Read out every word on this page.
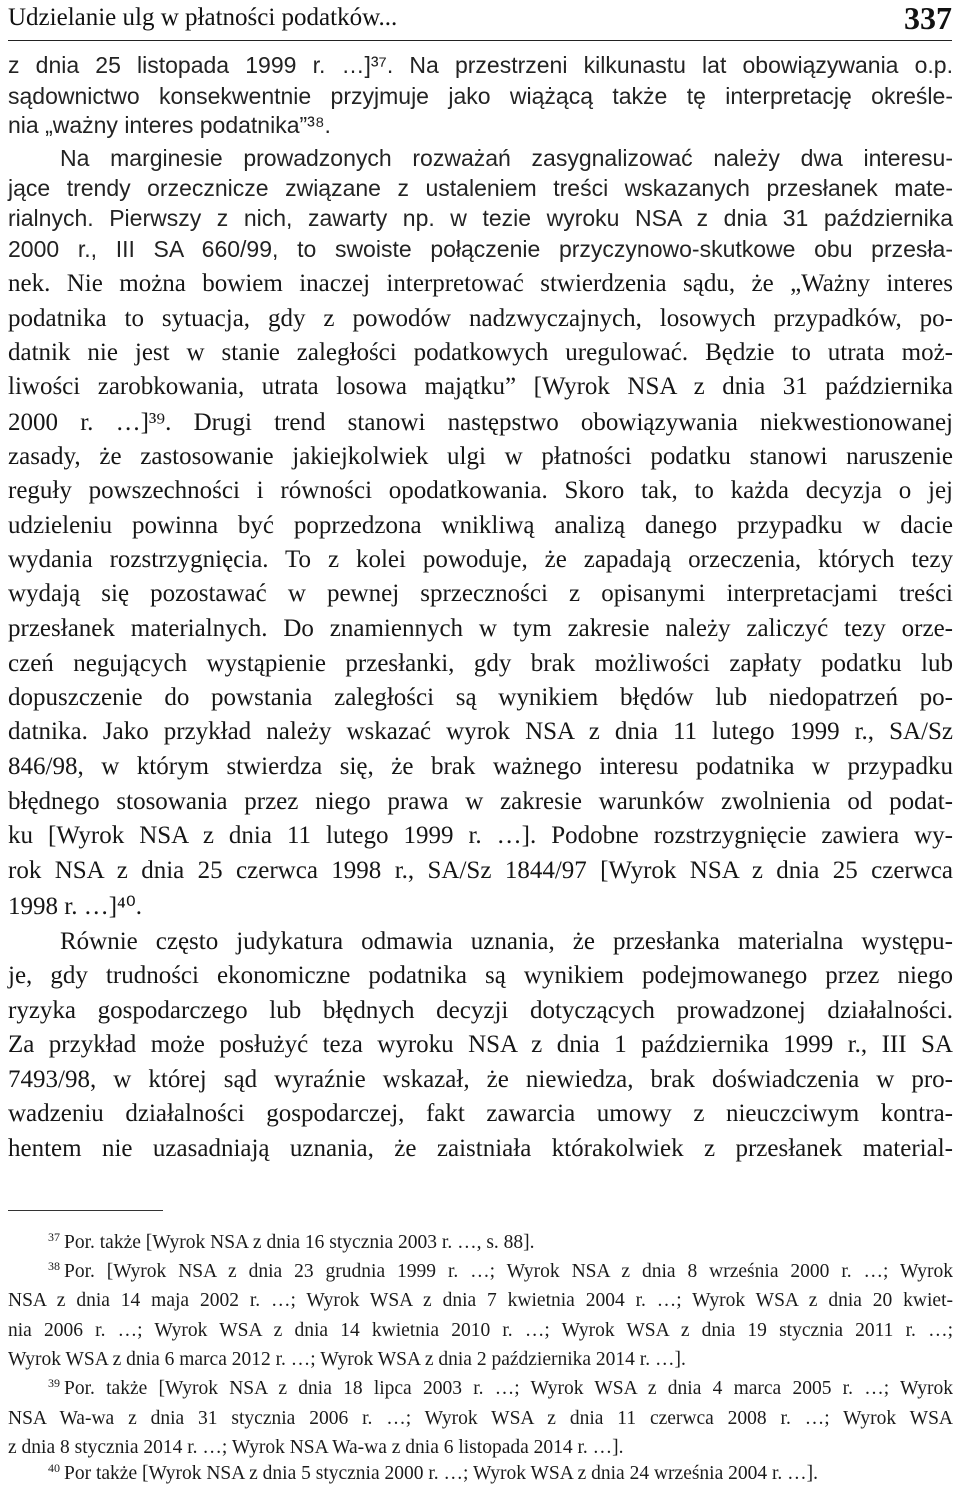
Udzielanie ulg w płatności podatków...	337
z dnia 25 listopada 1999 r. …]³⁷. Na przestrzeni kilkunastu lat obowiązywania o.p.
sądownictwo konsekwentnie przyjmuje jako wiążącą także tę interpretację określe-
nia „ważny interes podatnika”³⁸.
Na marginesie prowadzonych rozważań zasygnalizować należy dwa interesu-
jące trendy orzecznicze związane z ustaleniem treści wskazanych przesłanek mate-
rialnych. Pierwszy z nich, zawarty np. w tezie wyroku NSA z dnia 31 października
2000 r., III SA 660/99, to swoiste połączenie przyczynowo-skutkowe obu przesła-
nek. Nie można bowiem inaczej interpretować stwierdzenia sądu, że „Ważny interes
podatnika to sytuacja, gdy z powodów nadzwyczajnych, losowych przypadków, po-
datnik nie jest w stanie zaległości podatkowych uregulować. Będzie to utrata moż-
liwości zarobkowania, utrata losowa majątku” [Wyrok NSA z dnia 31 października
2000 r. …]³⁹. Drugi trend stanowi następstwo obowiązywania niekwestionowanej
zasady, że zastosowanie jakiejkolwiek ulgi w płatności podatku stanowi naruszenie
reguły powszechności i równości opodatkowania. Skoro tak, to każda decyzja o jej
udzieleniu powinna być poprzedzona wnikliwą analizą danego przypadku w dacie
wydania rozstrzygnięcia. To z kolei powoduje, że zapadają orzeczenia, których tezy
wydają się pozostawać w pewnej sprzeczności z opisanymi interpretacjami treści
przesłanek materialnych. Do znamiennych w tym zakresie należy zaliczyć tezy orze-
czeń negujących wystąpienie przesłanki, gdy brak możliwości zapłaty podatku lub
dopuszczenie do powstania zaległości są wynikiem błędów lub niedopatrzeń po-
datnika. Jako przykład należy wskazać wyrok NSA z dnia 11 lutego 1999 r., SA/Sz
846/98, w którym stwierdza się, że brak ważnego interesu podatnika w przypadku
błędnego stosowania przez niego prawa w zakresie warunków zwolnienia od podat-
ku [Wyrok NSA z dnia 11 lutego 1999 r. …]. Podobne rozstrzygnięcie zawiera wy-
rok NSA z dnia 25 czerwca 1998 r., SA/Sz 1844/97 [Wyrok NSA z dnia 25 czerwca
1998 r. …]⁴⁰.
Równie często judykatura odmawia uznania, że przesłanka materialna występu-
je, gdy trudności ekonomiczne podatnika są wynikiem podejmowanego przez niego
ryzyka gospodarczego lub błędnych decyzji dotyczących prowadzonej działalności.
Za przykład może posłużyć teza wyroku NSA z dnia 1 października 1999 r., III SA
7493/98, w której sąd wyraźnie wskazał, że niewiedza, brak doświadczenia w pro-
wadzeniu działalności gospodarczej, fakt zawarcia umowy z nieuczciwym kontra-
hentem nie uzasadniają uznania, że zaistniała którakolwiek z przesłanek material-
$^{37}$ Por. także [Wyrok NSA z dnia 16 stycznia 2003 r. …, s. 88].
$^{38}$ Por. [Wyrok NSA z dnia 23 grudnia 1999 r. …; Wyrok NSA z dnia 8 września 2000 r. …; Wyrok
NSA z dnia 14 maja 2002 r. …; Wyrok WSA z dnia 7 kwietnia 2004 r. …; Wyrok WSA z dnia 20 kwiet-
nia 2006 r. …; Wyrok WSA z dnia 14 kwietnia 2010 r. …; Wyrok WSA z dnia 19 stycznia 2011 r. …;
Wyrok WSA z dnia 6 marca 2012 r. …; Wyrok WSA z dnia 2 października 2014 r. …].
$^{39}$ Por. także [Wyrok NSA z dnia 18 lipca 2003 r. …; Wyrok WSA z dnia 4 marca 2005 r. …; Wyrok
NSA Wa-wa z dnia 31 stycznia 2006 r. …; Wyrok WSA z dnia 11 czerwca 2008 r. …; Wyrok WSA
z dnia 8 stycznia 2014 r. …; Wyrok NSA Wa-wa z dnia 6 listopada 2014 r. …].
$^{40}$ Por także [Wyrok NSA z dnia 5 stycznia 2000 r. …; Wyrok WSA z dnia 24 września 2004 r. …].
